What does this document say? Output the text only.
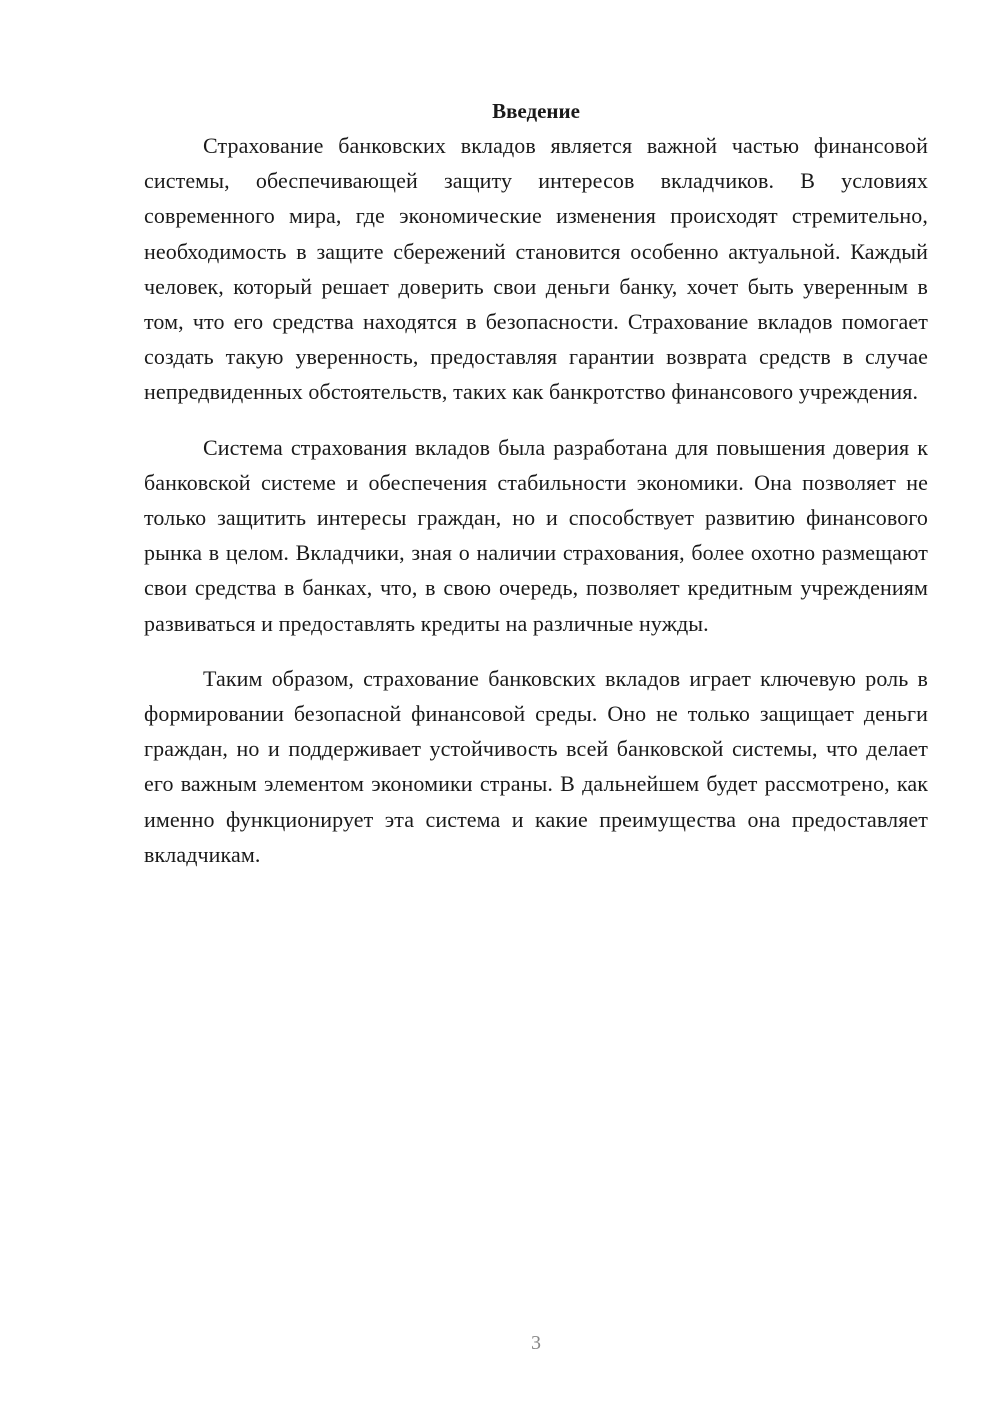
Введение

Страхование банковских вкладов является важной частью финансовой системы, обеспечивающей защиту интересов вкладчиков. В условиях современного мира, где экономические изменения происходят стремительно, необходимость в защите сбережений становится особенно актуальной. Каждый человек, который решает доверить свои деньги банку, хочет быть уверенным в том, что его средства находятся в безопасности. Страхование вкладов помогает создать такую уверенность, предоставляя гарантии возврата средств в случае непредвиденных обстоятельств, таких как банкротство финансового учреждения.

Система страхования вкладов была разработана для повышения доверия к банковской системе и обеспечения стабильности экономики. Она позволяет не только защитить интересы граждан, но и способствует развитию финансового рынка в целом. Вкладчики, зная о наличии страхования, более охотно размещают свои средства в банках, что, в свою очередь, позволяет кредитным учреждениям развиваться и предоставлять кредиты на различные нужды.

Таким образом, страхование банковских вкладов играет ключевую роль в формировании безопасной финансовой среды. Оно не только защищает деньги граждан, но и поддерживает устойчивость всей банковской системы, что делает его важным элементом экономики страны. В дальнейшем будет рассмотрено, как именно функционирует эта система и какие преимущества она предоставляет вкладчикам.

3
